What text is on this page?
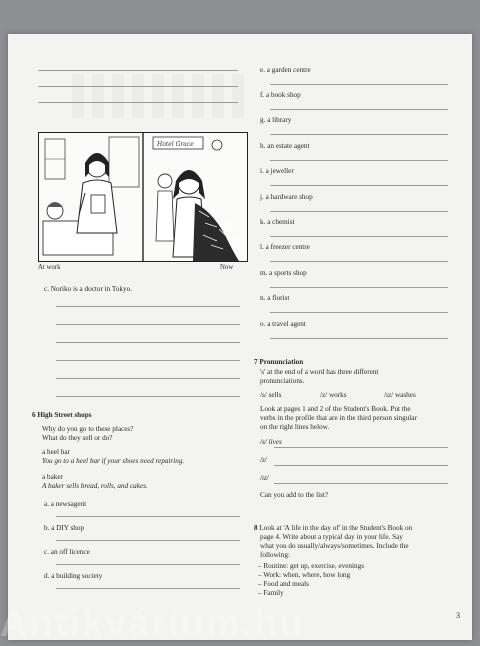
Hotel Grace
At work	Now
c. Noriko is a doctor in Tokyo.
6 High Street shops
Why do you go to these places?
What do they sell or do?
a heel bar
You go to a heel bar if your shoes need repairing.
a baker
A baker sells bread, rolls, and cakes.
a. a newsagent
b. a DIY shop
c. an off licence
d. a building society
e. a garden centre
f. a book shop
g. a library
h. an estate agent
i. a jeweller
j. a hardware shop
k. a chemist
l. a freezer centre
m. a sports shop
n. a florist
o. a travel agent
7 Pronunciation
's' at the end of a word has three different
pronunciations.
/s/ sells	/z/ works	/ız/ washes
Look at pages 1 and 2 of the Student's Book. Put the
verbs in the profile that are in the third person singular
on the right lines below.
/s/ lives
/z/
/ız/
Can you add to the list?
8 Look at 'A life in the day of' in the Student's Book on
page 4. Write about a typical day in your life. Say
what you do usually/always/sometimes. Include the
following:
– Routine: get up, exercise, evenings
– Work: when, where, how long
– Food and meals
– Family
3
Antikvárium.hu
